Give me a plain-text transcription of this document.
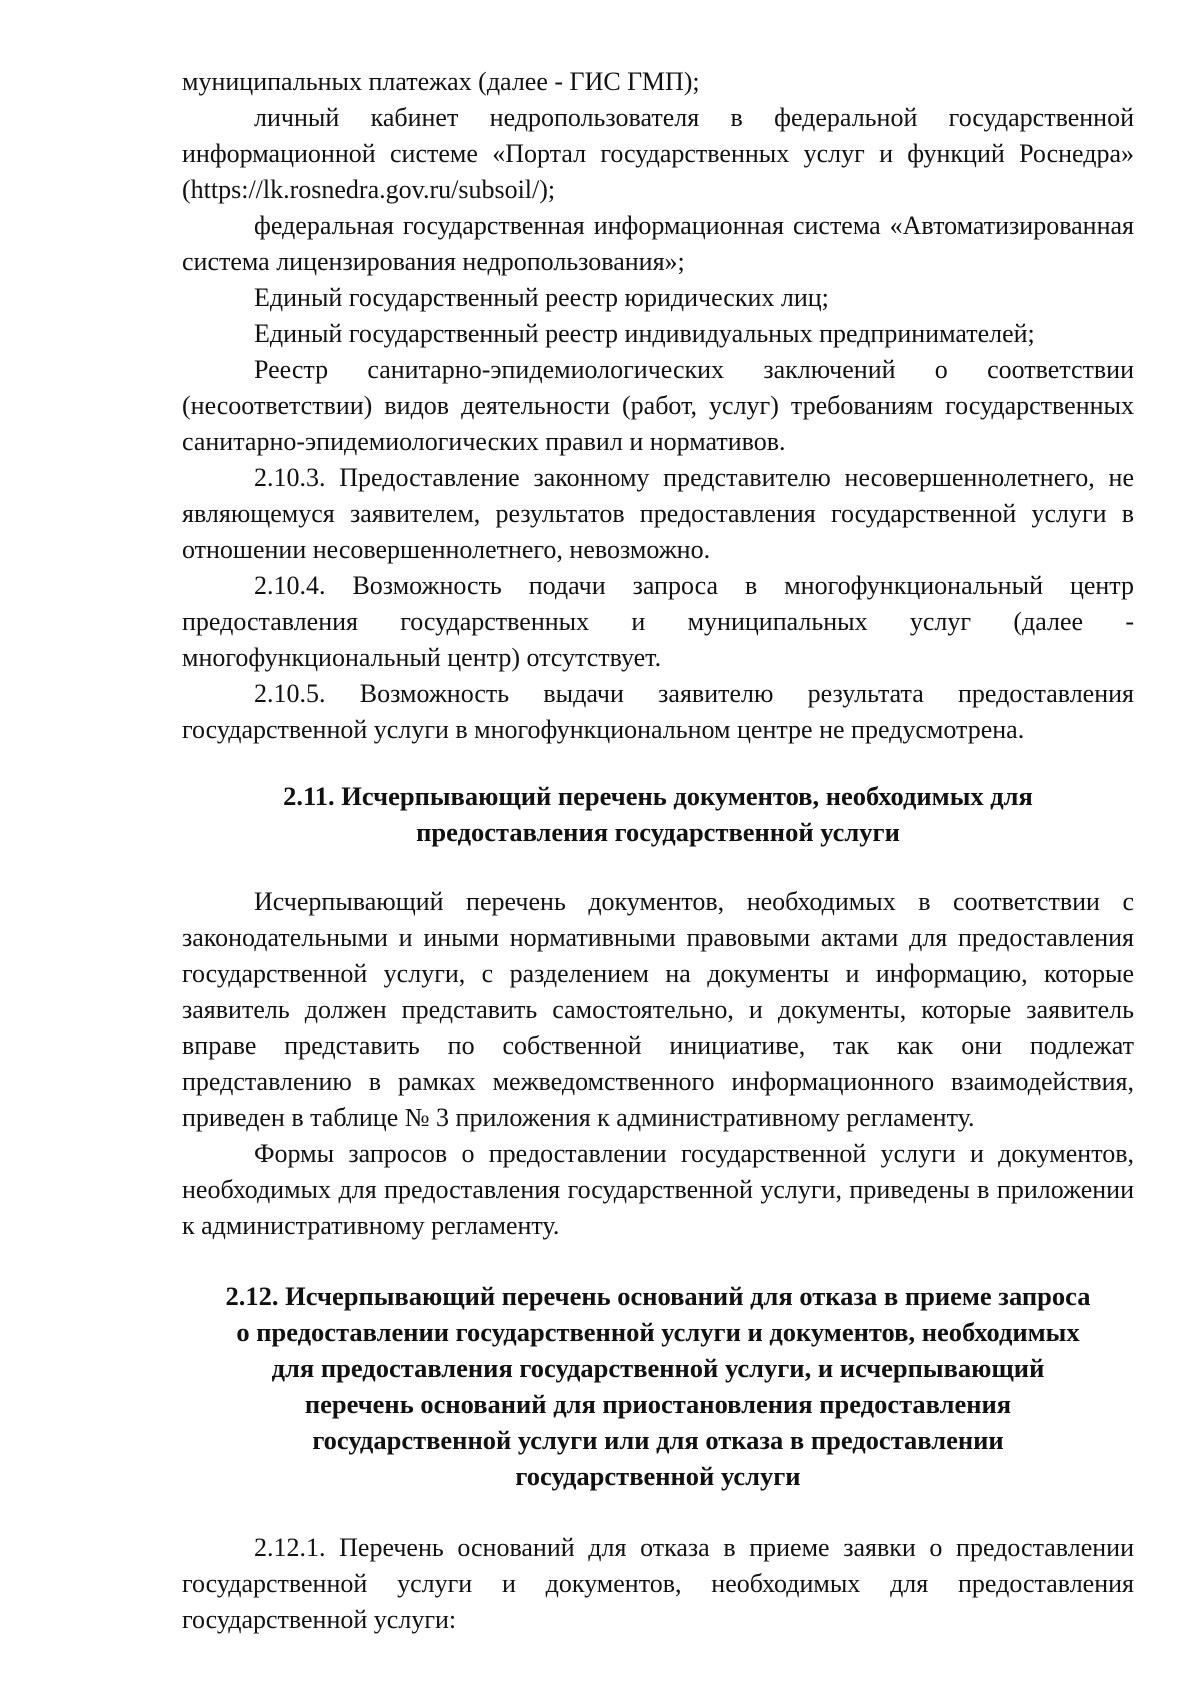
муниципальных платежах (далее - ГИС ГМП);

личный кабинет недропользователя в федеральной государственной информационной системе «Портал государственных услуг и функций Роснедра» (https://lk.rosnedra.gov.ru/subsoil/);

федеральная государственная информационная система «Автоматизированная система лицензирования недропользования»;

Единый государственный реестр юридических лиц;

Единый государственный реестр индивидуальных предпринимателей;

Реестр санитарно-эпидемиологических заключений о соответствии (несоответствии) видов деятельности (работ, услуг) требованиям государственных санитарно-эпидемиологических правил и нормативов.

2.10.3. Предоставление законному представителю несовершеннолетнего, не являющемуся заявителем, результатов предоставления государственной услуги в отношении несовершеннолетнего, невозможно.

2.10.4. Возможность подачи запроса в многофункциональный центр предоставления государственных и муниципальных услуг (далее - многофункциональный центр) отсутствует.

2.10.5. Возможность выдачи заявителю результата предоставления государственной услуги в многофункциональном центре не предусмотрена.

2.11. Исчерпывающий перечень документов, необходимых для
предоставления государственной услуги

Исчерпывающий перечень документов, необходимых в соответствии с законодательными и иными нормативными правовыми актами для предоставления государственной услуги, с разделением на документы и информацию, которые заявитель должен представить самостоятельно, и документы, которые заявитель вправе представить по собственной инициативе, так как они подлежат представлению в рамках межведомственного информационного взаимодействия, приведен в таблице № 3 приложения к административному регламенту.

Формы запросов о предоставлении государственной услуги и документов, необходимых для предоставления государственной услуги, приведены в приложении к административному регламенту.

2.12. Исчерпывающий перечень оснований для отказа в приеме запроса
о предоставлении государственной услуги и документов, необходимых
для предоставления государственной услуги, и исчерпывающий
перечень оснований для приостановления предоставления
государственной услуги или для отказа в предоставлении
государственной услуги

2.12.1. Перечень оснований для отказа в приеме заявки о предоставлении государственной услуги и документов, необходимых для предоставления государственной услуги:
